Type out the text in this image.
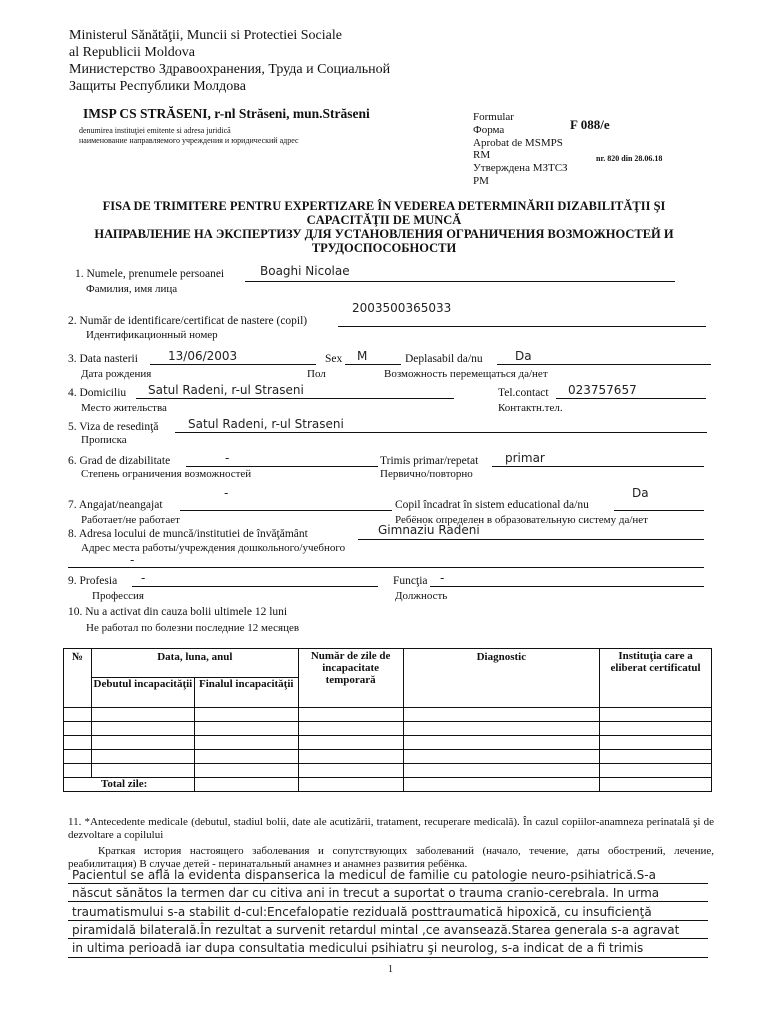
Ministerul Sănătăţii, Muncii si Protectiei Sociale
al Republicii Moldova
Министерство Здравоохранения, Труда и Социальной
Защиты Республики Молдова
IMSP CS STRĂSENI, r-nl Străseni, mun.Străseni
denumirea instituţiei emitente si adresa juridică
наименование направляемого учреждения и юридический адрес
Formular	F 088/e
Форма
Aprobat de MSMPS
RM	nr. 820 din 28.06.18
Утверждена МЗТСЗ
PM
FISA DE TRIMITERE PENTRU EXPERTIZARE ÎN VEDEREA DETERMINĂRII DIZABILITĂŢII ŞI
CAPACITĂŢII DE MUNCĂ
НАПРАВЛЕНИЕ НА ЭКСПЕРТИЗУ ДЛЯ УСТАНОВЛЕНИЯ ОГРАНИЧЕНИЯ ВОЗМОЖНОСТЕЙ И
ТРУДОСПОСОБНОСТИ
1. Numele, prenumele persoanei	Boaghi Nicolae
Фамилия, имя лица
2003500365033
2. Număr de identificare/certificat de nastere (copil)
Идентификационный номер
3. Data nasterii	13/06/2003	Sex M	Deplasabil da/nu	Da
Дата рождения	Пол	Возможность перемещаться да/нет
4. Domiciliu Satul Radeni, r-ul Straseni	Tel.contact 023757657
Место жительства	Контактн.тел.
5. Viza de resedinţă Satul Radeni, r-ul Straseni
Прописка
6. Grad de dizabilitate	-	Trimis primar/repetat primar
Степень ограничения возможностей	Первично/повторно
-	Da
7. Angajat/neangajat	Copil încadrat în sistem educational da/nu
Работает/не работает	Ребёнок определен в образовательную систему да/нет
8. Adresa locului de muncă/institutiei de învăţământ	Gimnaziu Radeni
Адрес места работы/учреждения дошкольного/учебного
-
9. Profesia -	Funcţia -
Профессия	Должность
10. Nu a activat din cauza bolii ultimele 12 luni
Не работал по болезни последние 12 месяцев
№	Data, luna, anul		Număr de zile de incapacitate temporară	Diagnostic	Instituţia care a eliberat certificatul
	Debutul incapacităţii	Finalul incapacităţii			

Total zile:					
11. *Antecedente medicale (debutul, stadiul bolii, date ale acutizării, tratament, recuperare medicală). În cazul copiilor-anamneza perinatală şi de dezvoltare a copilului
Краткая история настоящего заболевания и сопутствующих заболеваний (начало, течение, даты обострений, лечение, реабилитация) В случае детей - перинатальный анамнез и анамнез развития ребёнка.
Pacientul se află la evidenta dispanserica la medicul de familie cu patologie neuro-psihiatrică.S-a
născut sănătos la termen dar cu citiva ani in trecut a suportat o trauma cranio-cerebrala. In urma
traumatismului s-a stabilit d-cul:Encefalopatie reziduală posttraumatică hipoxică, cu insuficienţă
piramidală bilaterală.În rezultat a survenit retardul mintal ,ce avansează.Starea generala s-a agravat
in ultima perioadă iar dupa consultatia medicului psihiatru şi neurolog, s-a indicat de a fi trimis
1
